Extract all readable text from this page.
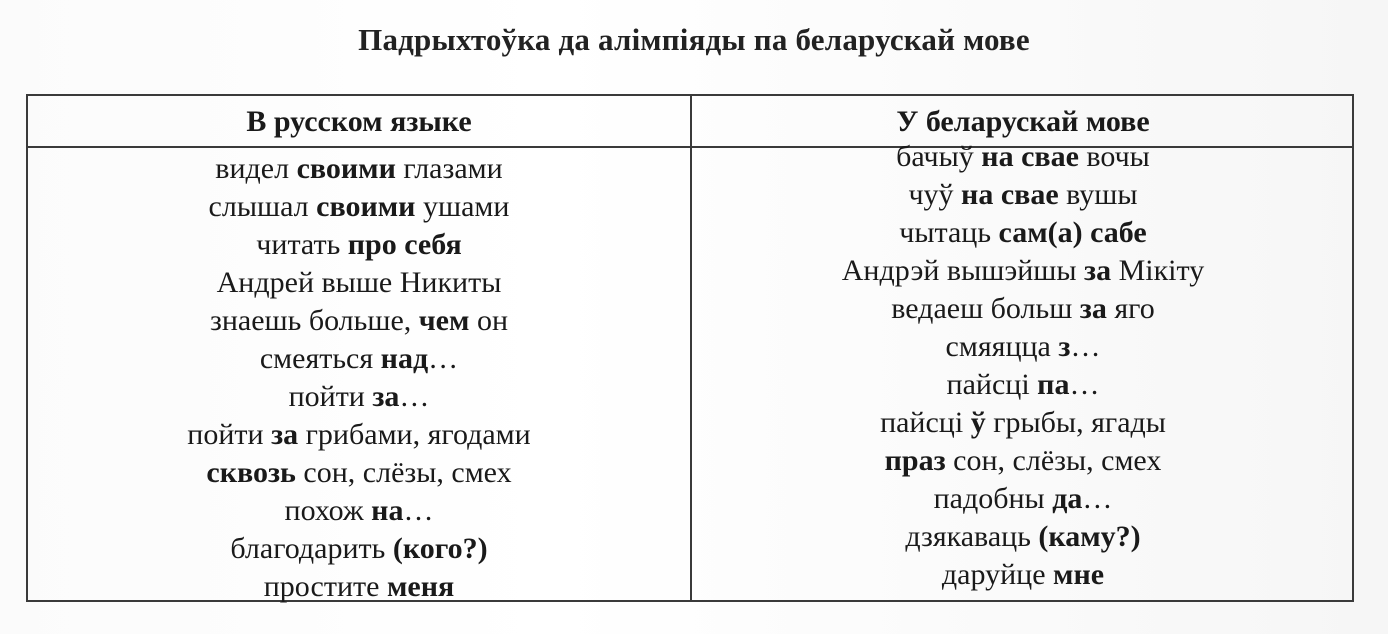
Падрыхтоўка да алімпіяды па беларускай мове
В русском языке
видел своими глазами
слышал своими ушами
читать про себя
Андрей выше Никиты
знаешь больше, чем он
смеяться над…
пойти за…
пойти за грибами, ягодами
сквозь сон, слёзы, смех
похож на…
благодарить (кого?)
простите меня
У беларускай мове
бачыў на сваe вочы
чуў на сваe вушы
чытаць сам(а) сабе
Андрэй вышэйшы за Мікіту
ведаеш больш за яго
смяяцца з…
пайсці па…
пайсці ў грыбы, ягады
праз сон, слёзы, смех
падобны да…
дзякаваць (каму?)
даруйце мне
